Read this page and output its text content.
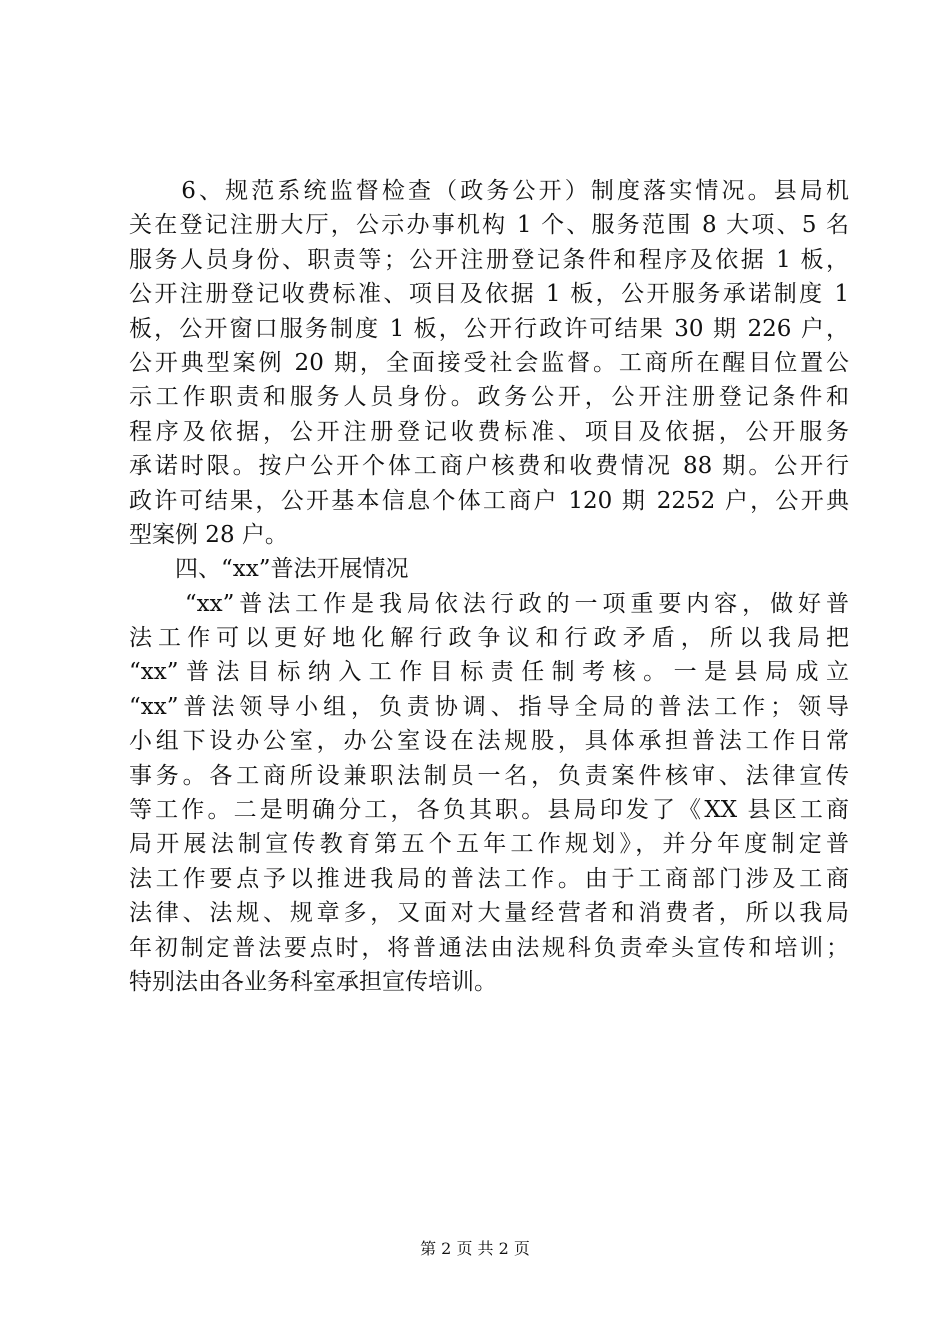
　　6、规范系统监督检查（政务公开）制度落实情况。县局机
关在登记注册大厅，公示办事机构 1 个、服务范围 8 大项、5 名
服务人员身份、职责等；公开注册登记条件和程序及依据 1 板，
公开注册登记收费标准、项目及依据 1 板，公开服务承诺制度 1
板，公开窗口服务制度 1 板，公开行政许可结果 30 期 226 户，
公开典型案例 20 期，全面接受社会监督。工商所在醒目位置公
示工作职责和服务人员身份。政务公开，公开注册登记条件和
程序及依据，公开注册登记收费标准、项目及依据，公开服务
承诺时限。按户公开个体工商户核费和收费情况 88 期。公开行
政许可结果，公开基本信息个体工商户 120 期 2252 户，公开典
型案例 28 户。
　　四、“xx”普法开展情况
　　“xx”普法工作是我局依法行政的一项重要内容，做好普
法工作可以更好地化解行政争议和行政矛盾，所以我局把
“xx”普法目标纳入工作目标责任制考核。一是县局成立
“xx”普法领导小组，负责协调、指导全局的普法工作；领导
小组下设办公室，办公室设在法规股，具体承担普法工作日常
事务。各工商所设兼职法制员一名，负责案件核审、法律宣传
等工作。二是明确分工，各负其职。县局印发了《XX 县区工商
局开展法制宣传教育第五个五年工作规划》，并分年度制定普
法工作要点予以推进我局的普法工作。由于工商部门涉及工商
法律、法规、规章多，又面对大量经营者和消费者，所以我局
年初制定普法要点时，将普通法由法规科负责牵头宣传和培训；
特别法由各业务科室承担宣传培训。
第 2 页 共 2 页
